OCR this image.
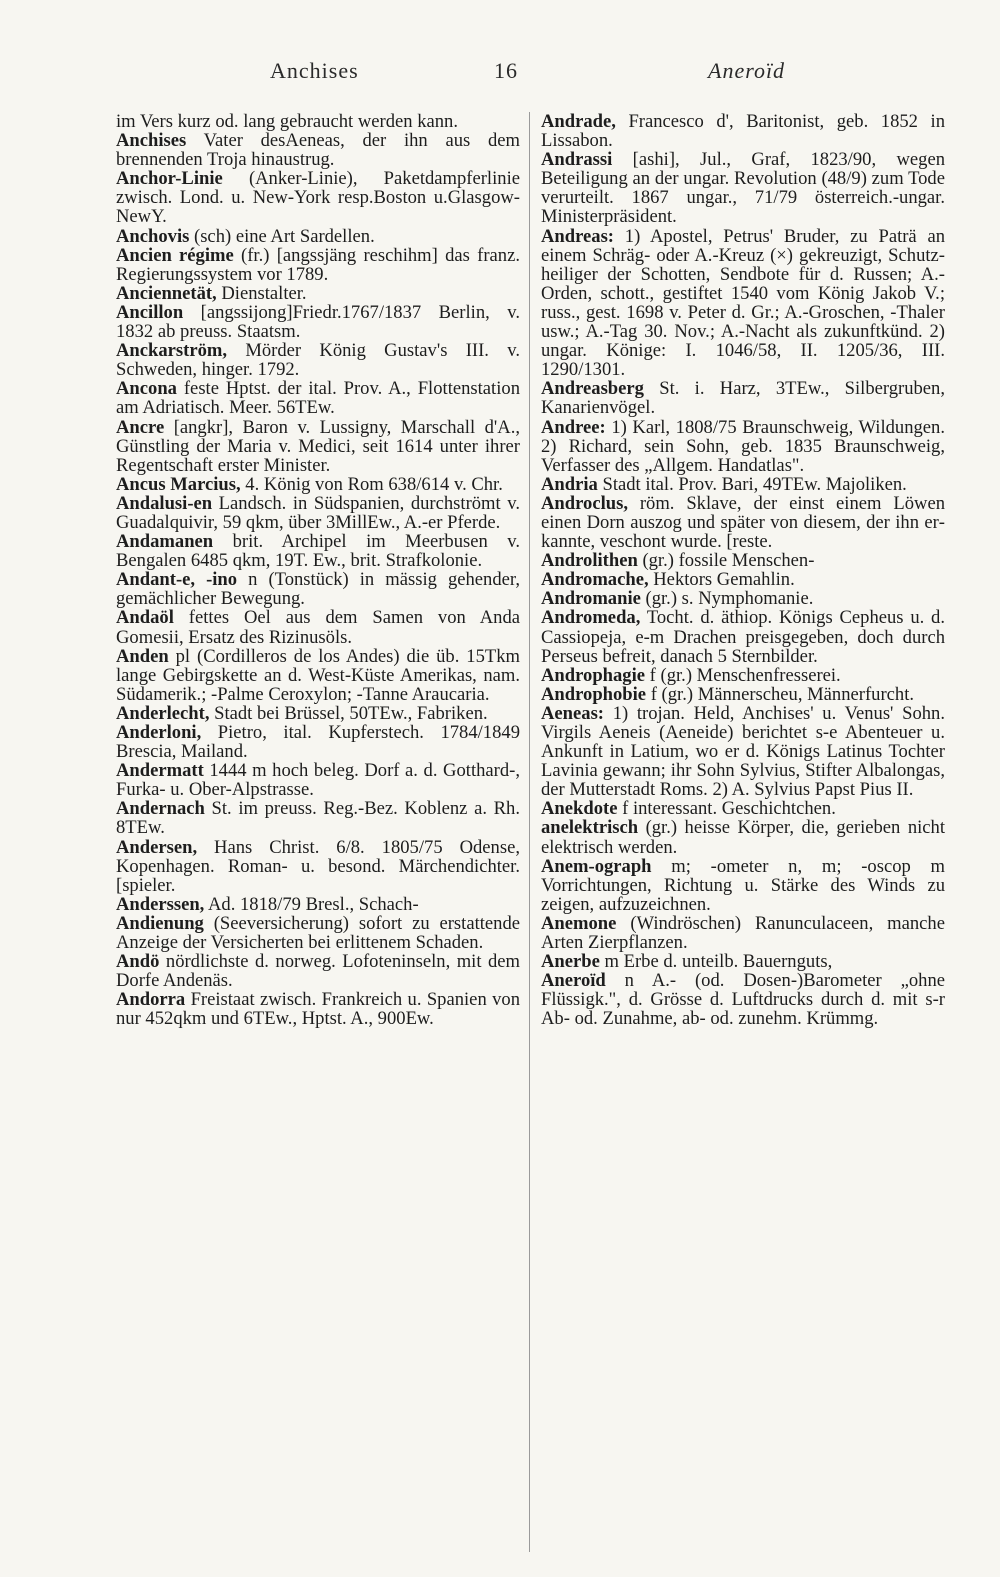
Anchises	16	Aneroïd

im Vers kurz od. lang gebraucht werden kann.

Anchises Vater desAeneas, der ihn aus dem brennenden Troja hinaustrug.

Anchor-Linie (Anker-Linie), Paketdampferlinie zwisch. Lond. u. New-York resp.Boston u.Glasgow-NewY.

Anchovis (sch) eine Art Sardellen.

Ancien régime (fr.) [angssjäng reschihm] das franz. Regierungssystem vor 1789.

Anciennetät, Dienstalter.

Ancillon [angssijong]Friedr.1767/1837 Berlin, v. 1832 ab preuss. Staatsm.

Anckarström, Mörder König Gustav's III. v. Schweden, hinger. 1792.

Ancona feste Hptst. der ital. Prov. A., Flottenstation am Adriatisch. Meer. 56TEw.

Ancre [angkr], Baron v. Lussigny, Marschall d'A., Günstling der Maria v. Medici, seit 1614 unter ihrer Regentschaft erster Minister.

Ancus Marcius, 4. König von Rom 638/614 v. Chr.

Andalusi-en Landsch. in Südspanien, durchströmt v. Guadalquivir, 59 qkm, über 3MillEw., A.-er Pferde.

Andamanen brit. Archipel im Meerbusen v. Bengalen 6485 qkm, 19T. Ew., brit. Strafkolonie.

Andant-e, -ino n (Tonstück) in mässig gehender, gemächlicher Bewegung.

Andaöl fettes Oel aus dem Samen von Anda Gomesii, Ersatz des Rizinusöls.

Anden pl (Cordilleros de los Andes) die üb. 15Tkm lange Gebirgskette an d. West-Küste Amerikas, nam. Südamerik.; -Palme Ceroxylon; -Tanne Araucaria.

Anderlecht, Stadt bei Brüssel, 50TEw., Fabriken.

Anderloni, Pietro, ital. Kupferstech. 1784/1849 Brescia, Mailand.

Andermatt 1444 m hoch beleg. Dorf a. d. Gotthard-, Furka- u. Ober-Alpstrasse.

Andernach St. im preuss. Reg.-Bez. Koblenz a. Rh. 8TEw.

Andersen, Hans Christ. 6/8. 1805/75 Odense, Kopenhagen. Roman- u. besond. Märchendichter. [spieler.

Anderssen, Ad. 1818/79 Bresl., Schach-

Andienung (Seeversicherung) sofort zu erstattende Anzeige der Versicherten bei erlittenem Schaden.

Andö nördlichste d. norweg. Lofoteninseln, mit dem Dorfe Andenäs.

Andorra Freistaat zwisch. Frankreich u. Spanien von nur 452qkm und 6TEw., Hptst. A., 900Ew.

Andrade, Francesco d', Baritonist, geb. 1852 in Lissabon.

Andrassi [ashi], Jul., Graf, 1823/90, wegen Beteiligung an der ungar. Revolution (48/9) zum Tode verurteilt. 1867 ungar., 71/79 österreich.-ungar. Ministerpräsident.

Andreas: 1) Apostel, Petrus' Bruder, zu Paträ an einem Schräg- oder A.-Kreuz (×) gekreuzigt, Schutzheiliger der Schotten, Sendbote für d. Russen; A.-Orden, schott., gestiftet 1540 vom König Jakob V.; russ., gest. 1698 v. Peter d. Gr.; A.-Groschen, -Thaler usw.; A.-Tag 30. Nov.; A.-Nacht als zukunftkünd. 2) ungar. Könige: I. 1046/58, II. 1205/36, III. 1290/1301.

Andreasberg St. i. Harz, 3TEw., Silbergruben, Kanarienvögel.

Andree: 1) Karl, 1808/75 Braunschweig, Wildungen. 2) Richard, sein Sohn, geb. 1835 Braunschweig, Verfasser des „Allgem. Handatlas".

Andria Stadt ital. Prov. Bari, 49TEw. Majoliken.

Androclus, röm. Sklave, der einst einem Löwen einen Dorn auszog und später von diesem, der ihn erkannte, veschont wurde. [reste.

Androlithen (gr.) fossile Menschen-

Andromache, Hektors Gemahlin.

Andromanie (gr.) s. Nymphomanie.

Andromeda, Tocht. d. äthiop. Königs Cepheus u. d. Cassiopeja, e-m Drachen preisgegeben, doch durch Perseus befreit, danach 5 Sternbilder.

Androphagie f (gr.) Menschenfresserei.

Androphobie f (gr.) Männerscheu, Männerfurcht.

Aeneas: 1) trojan. Held, Anchises' u. Venus' Sohn. Virgils Aeneis (Aeneide) berichtet s-e Abenteuer u. Ankunft in Latium, wo er d. Königs Latinus Tochter Lavinia gewann; ihr Sohn Sylvius, Stifter Albalongas, der Mutterstadt Roms. 2) A. Sylvius Papst Pius II.

Anekdote f interessant. Geschichtchen.

anelektrisch (gr.) heisse Körper, die, gerieben nicht elektrisch werden.

Anem-ograph m; -ometer n, m; -oscop m Vorrichtungen, Richtung u. Stärke des Winds zu zeigen, aufzuzeichnen.

Anemone (Windröschen) Ranunculaceen, manche Arten Zierpflanzen.

Anerbe m Erbe d. unteilb. Bauernguts,

Aneroïd n A.- (od. Dosen-)Barometer „ohne Flüssigk.", d. Grösse d. Luftdrucks durch d. mit s-r Ab- od. Zunahme, ab- od. zunehm. Krümmg.
